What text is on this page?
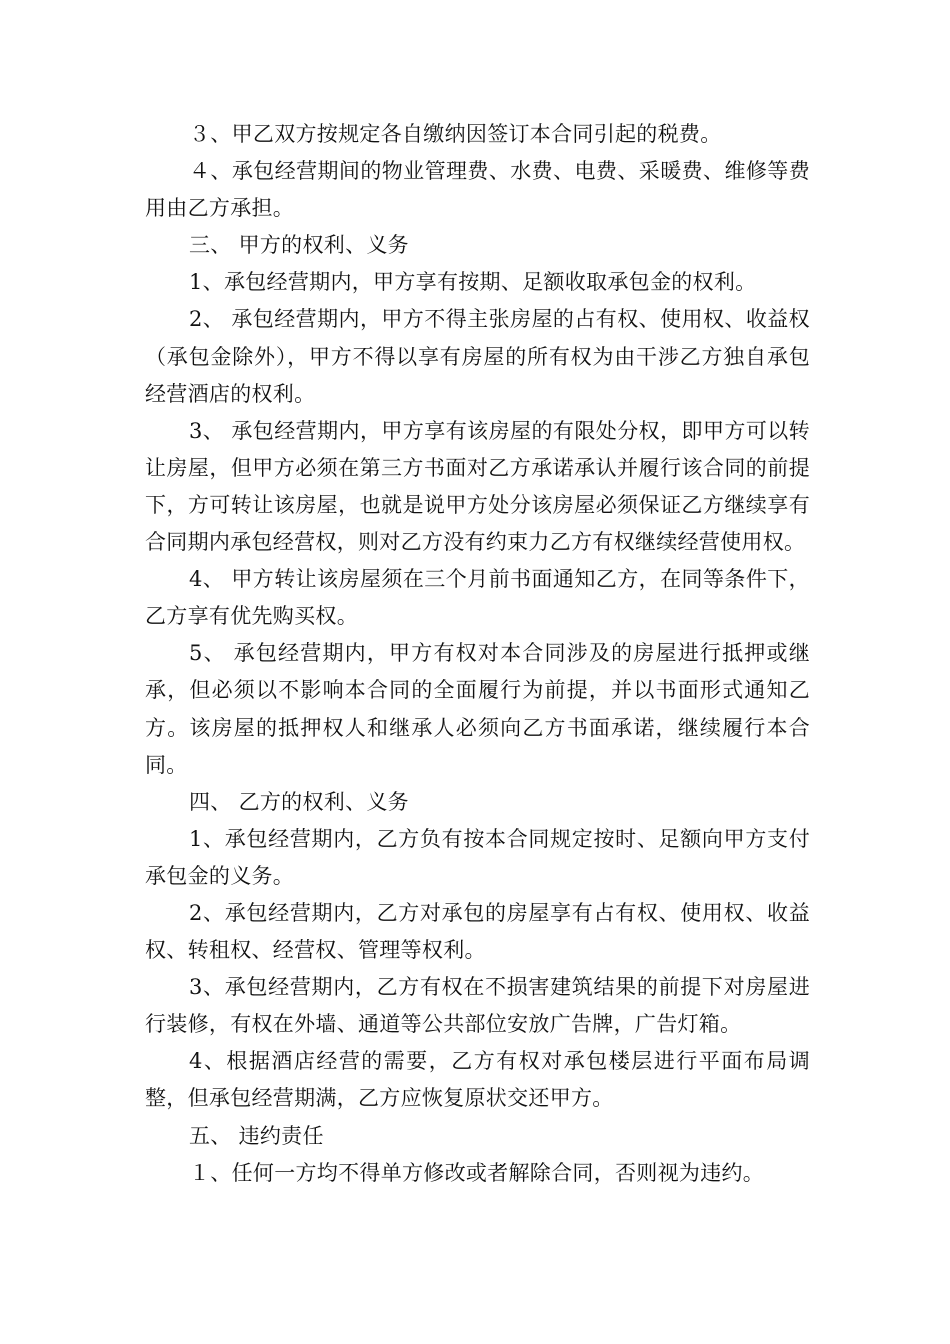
３、甲乙双方按规定各自缴纳因签订本合同引起的税费。

４、承包经营期间的物业管理费、水费、电费、采暖费、维修等费用由乙方承担。

三、 甲方的权利、义务

1、承包经营期内，甲方享有按期、足额收取承包金的权利。

2、 承包经营期内，甲方不得主张房屋的占有权、使用权、收益权（承包金除外），甲方不得以享有房屋的所有权为由干涉乙方独自承包经营酒店的权利。

3、 承包经营期内，甲方享有该房屋的有限处分权，即甲方可以转让房屋，但甲方必须在第三方书面对乙方承诺承认并履行该合同的前提下，方可转让该房屋，也就是说甲方处分该房屋必须保证乙方继续享有合同期内承包经营权，则对乙方没有约束力乙方有权继续经营使用权。

4、 甲方转让该房屋须在三个月前书面通知乙方，在同等条件下，乙方享有优先购买权。

5、 承包经营期内，甲方有权对本合同涉及的房屋进行抵押或继承，但必须以不影响本合同的全面履行为前提，并以书面形式通知乙方。该房屋的抵押权人和继承人必须向乙方书面承诺，继续履行本合同。

四、 乙方的权利、义务

1、承包经营期内，乙方负有按本合同规定按时、足额向甲方支付承包金的义务。

2、承包经营期内，乙方对承包的房屋享有占有权、使用权、收益权、转租权、经营权、管理等权利。

3、承包经营期内，乙方有权在不损害建筑结果的前提下对房屋进行装修，有权在外墙、通道等公共部位安放广告牌，广告灯箱。

4、根据酒店经营的需要，乙方有权对承包楼层进行平面布局调整，但承包经营期满，乙方应恢复原状交还甲方。

五、 违约责任

１、任何一方均不得单方修改或者解除合同，否则视为违约。
